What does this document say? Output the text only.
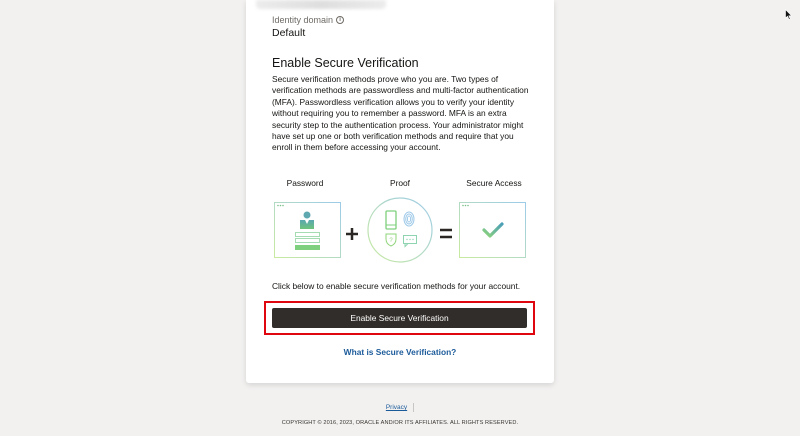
Identity domain	i
Default
Enable Secure Verification
Secure verification methods prove who you are. Two types of verification methods are passwordless and multi-factor authentication (MFA). Passwordless verification allows you to verify your identity without requiring you to remember a password. MFA is an extra security step to the authentication process. Your administrator might have set up one or both verification methods and require that you enroll in them before accessing your account.
Password	Proof	Secure Access
?
Click below to enable secure verification methods for your account.
Enable Secure Verification
What is Secure Verification?
Privacy
COPYRIGHT © 2016, 2023, ORACLE AND/OR ITS AFFILIATES. ALL RIGHTS RESERVED.
